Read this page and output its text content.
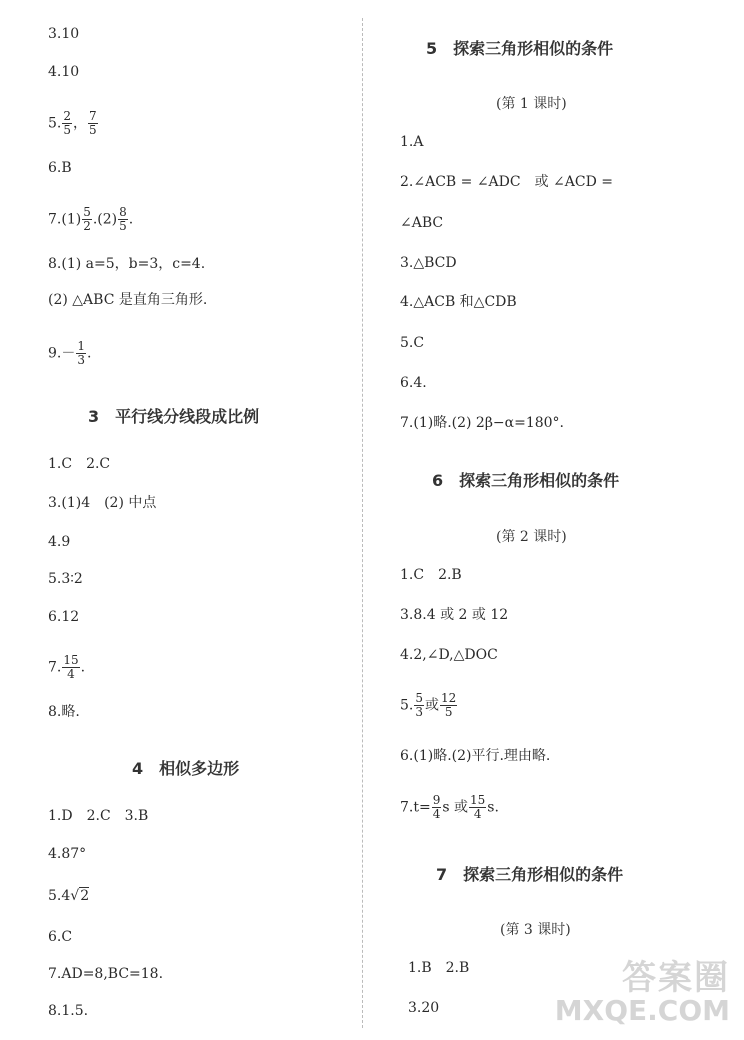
3.10
4.10
5. $\frac{2}{5}$ ， $\frac{7}{5}$
6.B
$7.(1) \frac{5}{2} .(2) \frac{8}{5}$ .
8.(1) a=5，b=3，c=4.
(2) △ABC 是直角三角形.
$9.- \frac{1}{3}$ .
3　平行线分线段成比例
1.C　2.C
3.(1)4　(2) 中点
4.9
5.3∶2
6.12
7. $\frac{15}{4}$ .
8.略.
4　相似多边形
1.D　2.C　3.B
4.87°
5.4√2
6.C
7.AD=8,BC=18.
8.1.5.
5　探索三角形相似的条件
(第 1 课时)
1.A
2.∠ACB = ∠ADC　或 ∠ACD =
∠ABC
3.△BCD
4.△ACB 和△CDB
5.C
6.4.
7.(1)略.(2) 2β−α=180°.
6　探索三角形相似的条件
(第 2 课时)
1.C　2.B
3.8.4 或 2 或 12
4.2,∠D,△DOC
5. $\frac{5}{3}$ 或 $\frac{12}{5}$
6.(1)略.(2)平行.理由略.
$7.t= \frac{9}{4}$ s 或 $\frac{15}{4} s$.
7　探索三角形相似的条件
(第 3 课时)
1.B　2.B
3.20
答案圈
MXQE.COM
